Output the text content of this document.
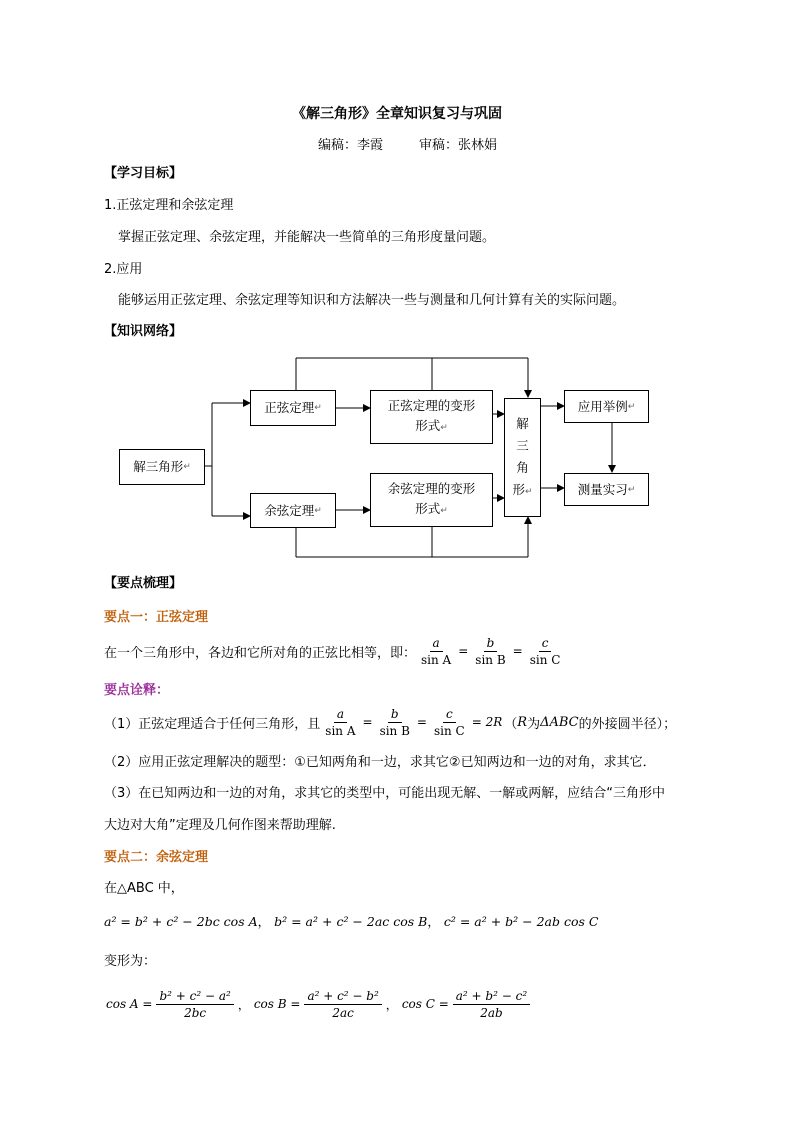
《解三角形》全章知识复习与巩固
编稿：李霞	审稿：张林娟
【学习目标】
1.正弦定理和余弦定理
掌握正弦定理、余弦定理，并能解决一些简单的三角形度量问题。
2.应用
能够运用正弦定理、余弦定理等知识和方法解决一些与测量和几何计算有关的实际问题。
【知识网络】
解三角形 ↵
正弦定理 ↵
余弦定理 ↵
正弦定理的变形
形式↵
余弦定理的变形
形式↵
解
三
角
形↵
应用举例 ↵
测量实习 ↵
【要点梳理】
要点一：正弦定理
在一个三角形中，各边和它所对角的正弦比相等，即： $\frac{a}{\text{sin A}} = \frac{b}{\text{sin B}} = \frac{c}{\text{sin C}}$
要点诠释：
（1）正弦定理适合于任何三角形，且 $\frac{a}{\text{sin A}} = \frac{b}{\text{sin B}} = \frac{c}{\text{sin C}} = 2R$ （ R 为 ΔABC 的外接圆半径）；
（2）应用正弦定理解决的题型：①已知两角和一边，求其它②已知两边和一边的对角，求其它．
（3）在已知两边和一边的对角，求其它的类型中，可能出现无解、一解或两解，应结合“三角形中
大边对大角”定理及几何作图来帮助理解.
要点二：余弦定理
在△ABC 中，
a² = b² + c² − 2bc cos A， b² = a² + c² − 2ac cos B， c² = a² + b² − 2ab cos C
变形为：
$\cos A = \frac{\text{b² + c² − a²}}{2bc}$ ， $\cos B = \frac{\text{a² + c² − b²}}{2ac}$ ， $\cos C = \frac{\text{a² + b² − c²}}{2ab}$
